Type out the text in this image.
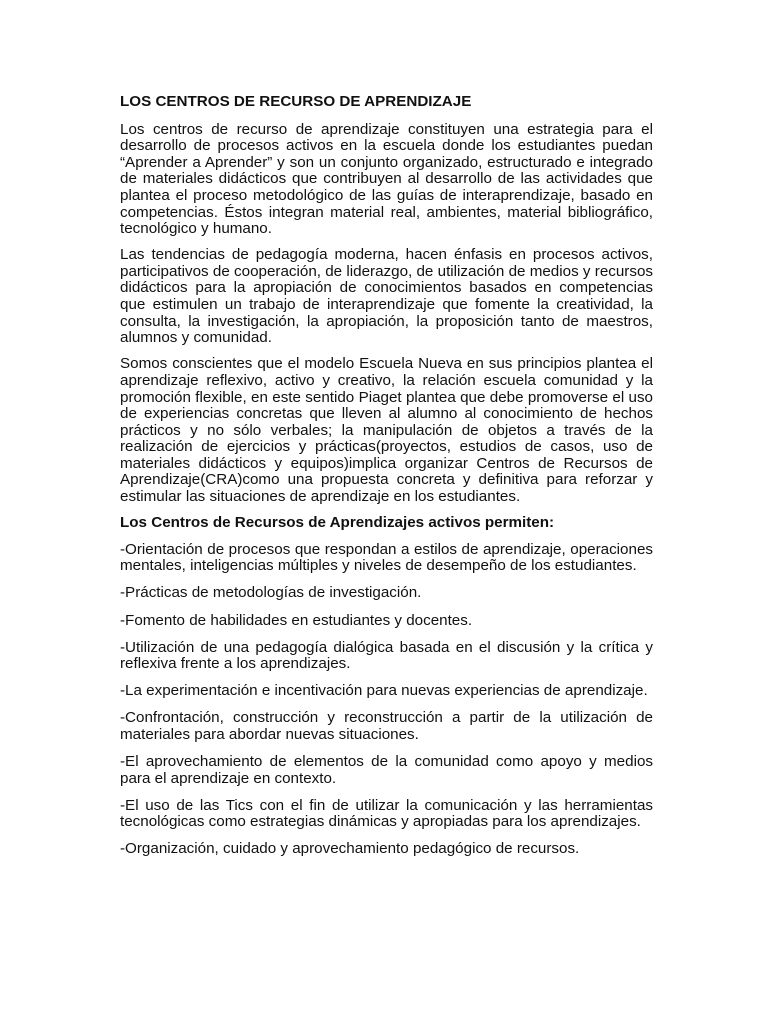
LOS CENTROS DE RECURSO DE APRENDIZAJE

Los centros de recurso de aprendizaje constituyen una estrategia para el desarrollo de procesos activos en la escuela donde los estudiantes puedan “Aprender a Aprender” y son un conjunto organizado, estructurado e integrado de materiales didácticos que contribuyen al desarrollo de las actividades que plantea el proceso metodológico de las guías de interaprendizaje, basado en competencias. Éstos integran material real, ambientes, material bibliográfico, tecnológico y humano.

Las tendencias de pedagogía moderna, hacen énfasis en procesos activos, participativos de cooperación, de liderazgo, de utilización de medios y recursos didácticos para la apropiación de conocimientos basados en competencias que estimulen un trabajo de interaprendizaje que fomente la creatividad, la consulta, la investigación, la apropiación, la proposición tanto de maestros, alumnos y comunidad.

Somos conscientes que el modelo Escuela Nueva en sus principios plantea el aprendizaje reflexivo, activo y creativo, la relación escuela comunidad y la promoción flexible, en este sentido Piaget plantea que debe promoverse el uso de experiencias concretas que lleven al alumno al conocimiento de hechos prácticos y no sólo verbales; la manipulación de objetos a través de la realización de ejercicios y prácticas(proyectos, estudios de casos, uso de materiales didácticos y equipos)implica organizar Centros de Recursos de Aprendizaje(CRA)como una propuesta concreta y definitiva para reforzar y estimular las situaciones de aprendizaje en los estudiantes.

Los Centros de Recursos de Aprendizajes activos permiten:

-Orientación de procesos que respondan a estilos de aprendizaje, operaciones mentales, inteligencias múltiples y niveles de desempeño de los estudiantes.

-Prácticas de metodologías de investigación.

-Fomento de habilidades en estudiantes y docentes.

-Utilización de una pedagogía dialógica basada en el discusión y la crítica y reflexiva frente a los aprendizajes.

-La experimentación e incentivación para nuevas experiencias de aprendizaje.

-Confrontación, construcción y reconstrucción a partir de la utilización de materiales para abordar nuevas situaciones.

-El aprovechamiento de elementos de la comunidad como apoyo y medios para el aprendizaje en contexto.

-El uso de las Tics con el fin de utilizar la comunicación y las herramientas tecnológicas como estrategias dinámicas y apropiadas para los aprendizajes.

-Organización, cuidado y aprovechamiento pedagógico de recursos.
